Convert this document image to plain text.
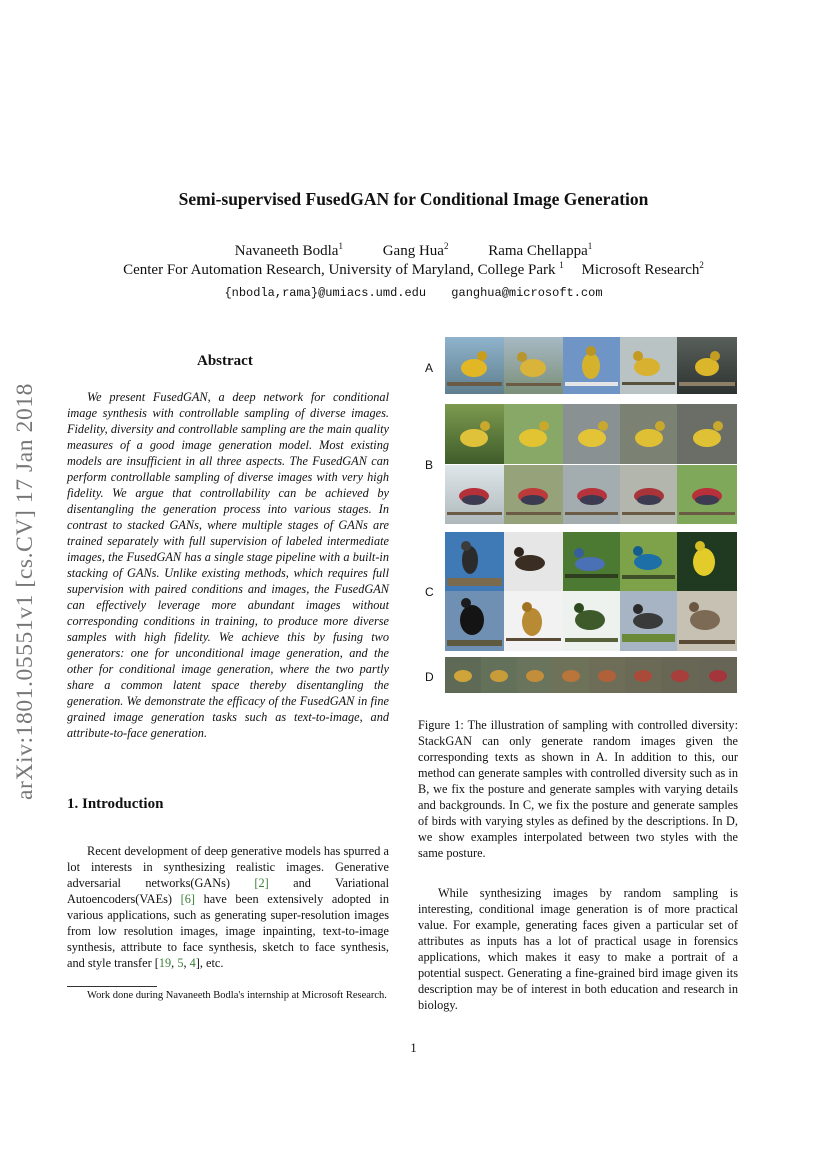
arXiv:1801.05551v1 [cs.CV] 17 Jan 2018
Semi-supervised FusedGAN for Conditional Image Generation
Navaneeth Bodla$^1$	Gang Hua$^2$	Rama Chellappa$^1$
Center For Automation Research, University of Maryland, College Park $^1$ Microsoft Research$^2$
{nbodla,rama}@umiacs.umd.edu ganghua@microsoft.com
Abstract

We present FusedGAN, a deep network for conditional image synthesis with controllable sampling of diverse images. Fidelity, diversity and controllable sampling are the main quality measures of a good image generation model. Most existing models are insufficient in all three aspects. The FusedGAN can perform controllable sampling of diverse images with very high fidelity. We argue that controllability can be achieved by disentangling the generation process into various stages. In contrast to stacked GANs, where multiple stages of GANs are trained separately with full supervision of labeled intermediate images, the FusedGAN has a single stage pipeline with a built-in stacking of GANs. Unlike existing methods, which requires full supervision with paired conditions and images, the FusedGAN can effectively leverage more abundant images without corresponding conditions in training, to produce more diverse samples with high fidelity. We achieve this by fusing two generators: one for unconditional image generation, and the other for conditional image generation, where the two partly share a common latent space thereby disentangling the generation. We demonstrate the efficacy of the FusedGAN in fine grained image generation tasks such as text-to-image, and attribute-to-face generation.

1. Introduction

Recent development of deep generative models has spurred a lot interests in synthesizing realistic images. Generative adversarial networks(GANs) [2] and Variational Autoencoders(VAEs) [6] have been extensively adopted in various applications, such as generating super-resolution images from low resolution images, image inpainting, text-to-image synthesis, attribute to face synthesis, sketch to face synthesis, and style transfer [19, 5, 4], etc.

Work done during Navaneeth Bodla's internship at Microsoft Research.

A
B
C
D

Figure 1: The illustration of sampling with controlled diversity: StackGAN can only generate random images given the corresponding texts as shown in A. In addition to this, our method can generate samples with controlled diversity such as in B, we fix the posture and generate samples with varying details and backgrounds. In C, we fix the posture and generate samples of birds with varying styles as defined by the descriptions. In D, we show examples interpolated between two styles with the same posture.

While synthesizing images by random sampling is interesting, conditional image generation is of more practical value. For example, generating faces given a particular set of attributes as inputs has a lot of practical usage in forensics applications, which makes it easy to make a portrait of a potential suspect. Generating a fine-grained bird image given its description may be of interest in both education and research in biology.

1
